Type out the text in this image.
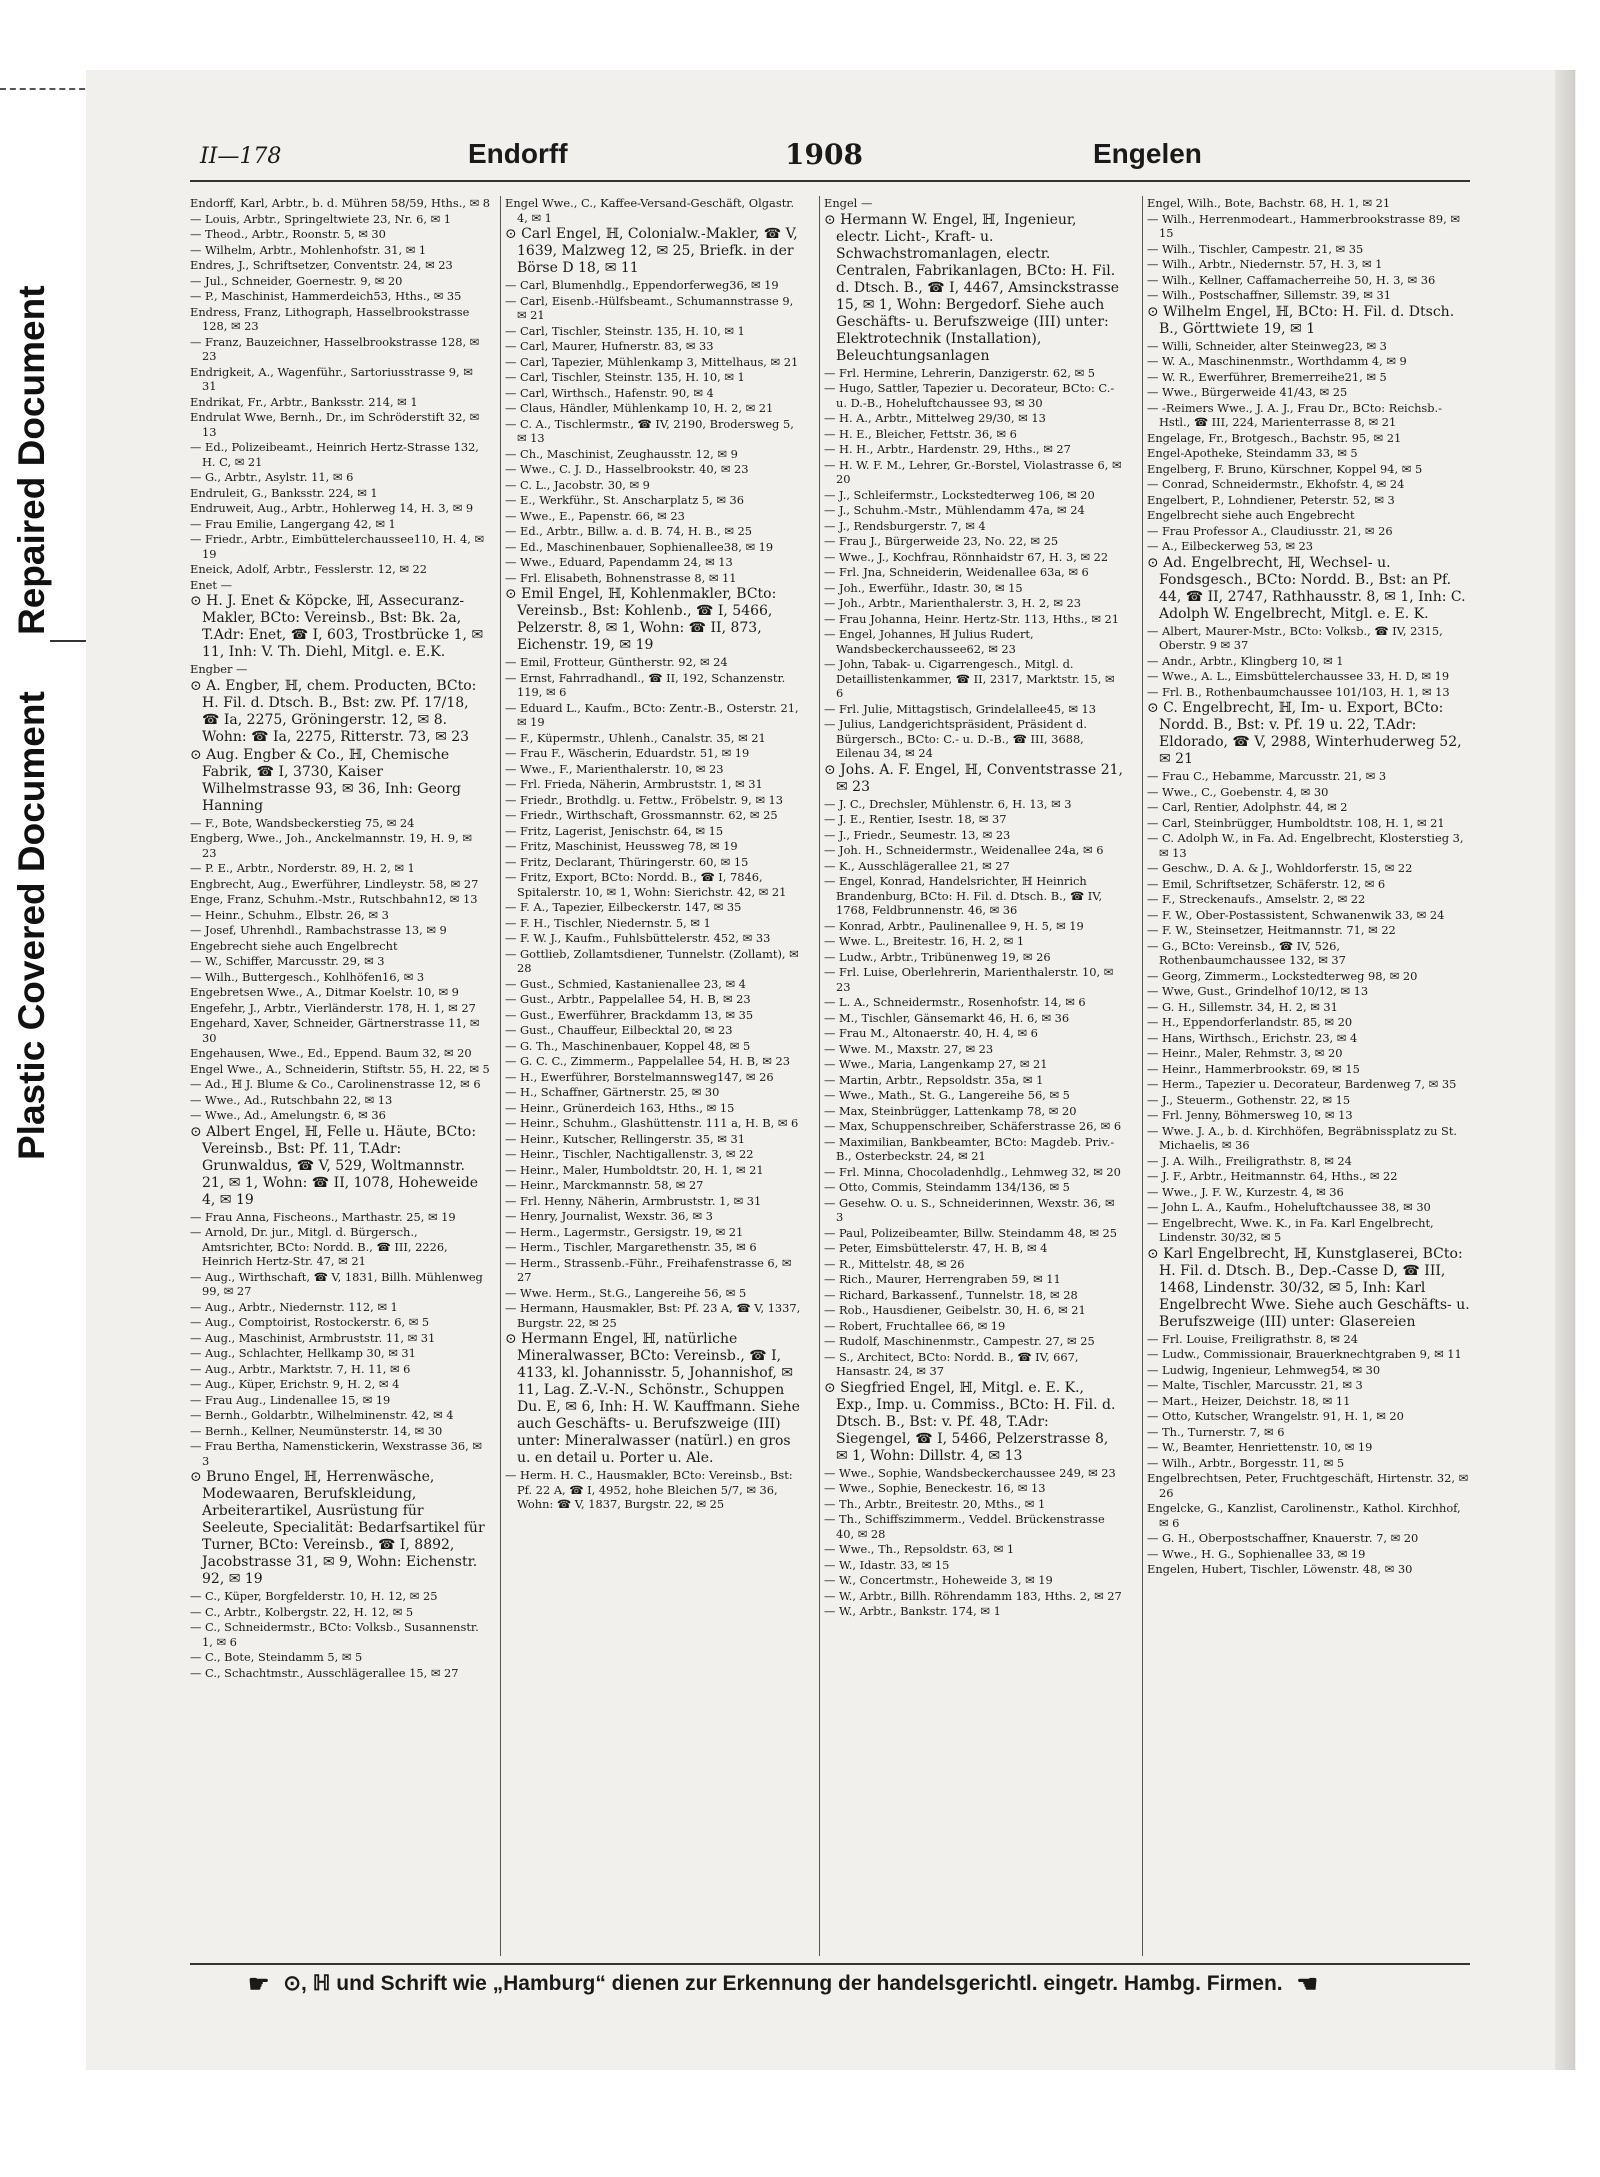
Repaired Document
Plastic Covered Document
II—178	Endorff	1908	Engelen
Endorff, Karl, Arbtr., b. d. Mühren 58/59, Hths., ✉ 8
— Louis, Arbtr., Springeltwiete 23, Nr. 6, ✉ 1
— Theod., Arbtr., Roonstr. 5, ✉ 30
— Wilhelm, Arbtr., Mohlenhofstr. 31, ✉ 1
Endres, J., Schriftsetzer, Conventstr. 24, ✉ 23
— Jul., Schneider, Goernestr. 9, ✉ 20
— P., Maschinist, Hammerdeich53, Hths., ✉ 35
Endress, Franz, Lithograph, Hasselbrookstrasse 128, ✉ 23
— Franz, Bauzeichner, Hasselbrookstrasse 128, ✉ 23
Endrigkeit, A., Wagenführ., Sartoriusstrasse 9, ✉ 31
Endrikat, Fr., Arbtr., Banksstr. 214, ✉ 1
Endrulat Wwe, Bernh., Dr., im Schröderstift 32, ✉ 13
— Ed., Polizeibeamt., Heinrich Hertz-Strasse 132, H. C, ✉ 21
— G., Arbtr., Asylstr. 11, ✉ 6
Endruleit, G., Banksstr. 224, ✉ 1
Endruweit, Aug., Arbtr., Hohlerweg 14, H. 3, ✉ 9
— Frau Emilie, Langergang 42, ✉ 1
— Friedr., Arbtr., Eimbüttelerchaussee110, H. 4, ✉ 19
Eneick, Adolf, Arbtr., Fesslerstr. 12, ✉ 22
Enet —
⊙ H. J. Enet & Köpcke, ℍ, Assecuranz-Makler, BCto: Vereinsb., Bst: Bk. 2a, T.Adr: Enet, ☎ I, 603, Trostbrücke 1, ✉ 11, Inh: V. Th. Diehl, Mitgl. e. E.K.
Engber —
⊙ A. Engber, ℍ, chem. Producten, BCto: H. Fil. d. Dtsch. B., Bst: zw. Pf. 17/18, ☎ Ia, 2275, Gröningerstr. 12, ✉ 8. Wohn: ☎ Ia, 2275, Ritterstr. 73, ✉ 23
⊙ Aug. Engber & Co., ℍ, Chemische Fabrik, ☎ I, 3730, Kaiser Wilhelmstrasse 93, ✉ 36, Inh: Georg Hanning
— F., Bote, Wandsbeckerstieg 75, ✉ 24
Engberg, Wwe., Joh., Anckelmannstr. 19, H. 9, ✉ 23
— P. E., Arbtr., Norderstr. 89, H. 2, ✉ 1
Engbrecht, Aug., Ewerführer, Lindleystr. 58, ✉ 27
Enge, Franz, Schuhm.-Mstr., Rutschbahn12, ✉ 13
— Heinr., Schuhm., Elbstr. 26, ✉ 3
— Josef, Uhrenhdl., Rambachstrasse 13, ✉ 9
Engebrecht siehe auch Engelbrecht
— W., Schiffer, Marcusstr. 29, ✉ 3
— Wilh., Buttergesch., Kohlhöfen16, ✉ 3
Engebretsen Wwe., A., Ditmar Koelstr. 10, ✉ 9
Engefehr, J., Arbtr., Vierländerstr. 178, H. 1, ✉ 27
Engehard, Xaver, Schneider, Gärtnerstrasse 11, ✉ 30
Engehausen, Wwe., Ed., Eppend. Baum 32, ✉ 20
Engel Wwe., A., Schneiderin, Stiftstr. 55, H. 22, ✉ 5
— Ad., ℍ J. Blume & Co., Carolinenstrasse 12, ✉ 6
— Wwe., Ad., Rutschbahn 22, ✉ 13
— Wwe., Ad., Amelungstr. 6, ✉ 36
⊙ Albert Engel, ℍ, Felle u. Häute, BCto: Vereinsb., Bst: Pf. 11, T.Adr: Grunwaldus, ☎ V, 529, Woltmannstr. 21, ✉ 1, Wohn: ☎ II, 1078, Hoheweide 4, ✉ 19
— Frau Anna, Fischeons., Marthastr. 25, ✉ 19
— Arnold, Dr. jur., Mitgl. d. Bürgersch., Amtsrichter, BCto: Nordd. B., ☎ III, 2226, Heinrich Hertz-Str. 47, ✉ 21
— Aug., Wirthschaft, ☎ V, 1831, Billh. Mühlenweg 99, ✉ 27
— Aug., Arbtr., Niedernstr. 112, ✉ 1
— Aug., Comptoirist, Rostockerstr. 6, ✉ 5
— Aug., Maschinist, Armbruststr. 11, ✉ 31
— Aug., Schlachter, Hellkamp 30, ✉ 31
— Aug., Arbtr., Marktstr. 7, H. 11, ✉ 6
— Aug., Küper, Erichstr. 9, H. 2, ✉ 4
— Frau Aug., Lindenallee 15, ✉ 19
— Bernh., Goldarbtr., Wilhelminenstr. 42, ✉ 4
— Bernh., Kellner, Neumünsterstr. 14, ✉ 30
— Frau Bertha, Namenstickerin, Wexstrasse 36, ✉ 3
⊙ Bruno Engel, ℍ, Herrenwäsche, Modewaaren, Berufskleidung, Arbeiterartikel, Ausrüstung für Seeleute, Specialität: Bedarfsartikel für Turner, BCto: Vereinsb., ☎ I, 8892, Jacobstrasse 31, ✉ 9, Wohn: Eichenstr. 92, ✉ 19
— C., Küper, Borgfelderstr. 10, H. 12, ✉ 25
— C., Arbtr., Kolbergstr. 22, H. 12, ✉ 5
— C., Schneidermstr., BCto: Volksb., Susannenstr. 1, ✉ 6
— C., Bote, Steindamm 5, ✉ 5
— C., Schachtmstr., Ausschlägerallee 15, ✉ 27
Engel Wwe., C., Kaffee-Versand-Geschäft, Olgastr. 4, ✉ 1
⊙ Carl Engel, ℍ, Colonialw.-Makler, ☎ V, 1639, Malzweg 12, ✉ 25, Briefk. in der Börse D 18, ✉ 11
— Carl, Blumenhdlg., Eppendorferweg36, ✉ 19
— Carl, Eisenb.-Hülfsbeamt., Schumannstrasse 9, ✉ 21
— Carl, Tischler, Steinstr. 135, H. 10, ✉ 1
— Carl, Maurer, Hufnerstr. 83, ✉ 33
— Carl, Tapezier, Mühlenkamp 3, Mittelhaus, ✉ 21
— Carl, Tischler, Steinstr. 135, H. 10, ✉ 1
— Carl, Wirthsch., Hafenstr. 90, ✉ 4
— Claus, Händler, Mühlenkamp 10, H. 2, ✉ 21
— C. A., Tischlermstr., ☎ IV, 2190, Brodersweg 5, ✉ 13
— Ch., Maschinist, Zeughausstr. 12, ✉ 9
— Wwe., C. J. D., Hasselbrookstr. 40, ✉ 23
— C. L., Jacobstr. 30, ✉ 9
— E., Werkführ., St. Anscharplatz 5, ✉ 36
— Wwe., E., Papenstr. 66, ✉ 23
— Ed., Arbtr., Billw. a. d. B. 74, H. B., ✉ 25
— Ed., Maschinenbauer, Sophienallee38, ✉ 19
— Wwe., Eduard, Papendamm 24, ✉ 13
— Frl. Elisabeth, Bohnenstrasse 8, ✉ 11
⊙ Emil Engel, ℍ, Kohlenmakler, BCto: Vereinsb., Bst: Kohlenb., ☎ I, 5466, Pelzerstr. 8, ✉ 1, Wohn: ☎ II, 873, Eichenstr. 19, ✉ 19
— Emil, Frotteur, Güntherstr. 92, ✉ 24
— Ernst, Fahrradhandl., ☎ II, 192, Schanzenstr. 119, ✉ 6
— Eduard L., Kaufm., BCto: Zentr.-B., Osterstr. 21, ✉ 19
— F., Küpermstr., Uhlenh., Canalstr. 35, ✉ 21
— Frau F., Wäscherin, Eduardstr. 51, ✉ 19
— Wwe., F., Marienthalerstr. 10, ✉ 23
— Frl. Frieda, Näherin, Armbruststr. 1, ✉ 31
— Friedr., Brothdlg. u. Fettw., Fröbelstr. 9, ✉ 13
— Friedr., Wirthschaft, Grossmannstr. 62, ✉ 25
— Fritz, Lagerist, Jenischstr. 64, ✉ 15
— Fritz, Maschinist, Heussweg 78, ✉ 19
— Fritz, Declarant, Thüringerstr. 60, ✉ 15
— Fritz, Export, BCto: Nordd. B., ☎ I, 7846, Spitalerstr. 10, ✉ 1, Wohn: Sierichstr. 42, ✉ 21
— F. A., Tapezier, Eilbeckerstr. 147, ✉ 35
— F. H., Tischler, Niedernstr. 5, ✉ 1
— F. W. J., Kaufm., Fuhlsbüttelerstr. 452, ✉ 33
— Gottlieb, Zollamtsdiener, Tunnelstr. (Zollamt), ✉ 28
— Gust., Schmied, Kastanienallee 23, ✉ 4
— Gust., Arbtr., Pappelallee 54, H. B, ✉ 23
— Gust., Ewerführer, Brackdamm 13, ✉ 35
— Gust., Chauffeur, Eilbecktal 20, ✉ 23
— G. Th., Maschinenbauer, Koppel 48, ✉ 5
— G. C. C., Zimmerm., Pappelallee 54, H. B, ✉ 23
— H., Ewerführer, Borstelmannsweg147, ✉ 26
— H., Schaffner, Gärtnerstr. 25, ✉ 30
— Heinr., Grünerdeich 163, Hths., ✉ 15
— Heinr., Schuhm., Glashüttenstr. 111 a, H. B, ✉ 6
— Heinr., Kutscher, Rellingerstr. 35, ✉ 31
— Heinr., Tischler, Nachtigallenstr. 3, ✉ 22
— Heinr., Maler, Humboldtstr. 20, H. 1, ✉ 21
— Heinr., Marckmannstr. 58, ✉ 27
— Frl. Henny, Näherin, Armbruststr. 1, ✉ 31
— Henry, Journalist, Wexstr. 36, ✉ 3
— Herm., Lagermstr., Gersigstr. 19, ✉ 21
— Herm., Tischler, Margarethenstr. 35, ✉ 6
— Herm., Strassenb.-Führ., Freihafenstrasse 6, ✉ 27
— Wwe. Herm., St.G., Langereihe 56, ✉ 5
— Hermann, Hausmakler, Bst: Pf. 23 A, ☎ V, 1337, Burgstr. 22, ✉ 25
⊙ Hermann Engel, ℍ, natürliche Mineralwasser, BCto: Vereinsb., ☎ I, 4133, kl. Johannisstr. 5, Johannishof, ✉ 11, Lag. Z.-V.-N., Schönstr., Schuppen Du. E, ✉ 6, Inh: H. W. Kauffmann. Siehe auch Geschäfts- u. Berufszweige (III) unter: Mineralwasser (natürl.) en gros u. en detail u. Porter u. Ale.
— Herm. H. C., Hausmakler, BCto: Vereinsb., Bst: Pf. 22 A, ☎ I, 4952, hohe Bleichen 5/7, ✉ 36, Wohn: ☎ V, 1837, Burgstr. 22, ✉ 25
Engel —
⊙ Hermann W. Engel, ℍ, Ingenieur, electr. Licht-, Kraft- u. Schwachstromanlagen, electr. Centralen, Fabrikanlagen, BCto: H. Fil. d. Dtsch. B., ☎ I, 4467, Amsinckstrasse 15, ✉ 1, Wohn: Bergedorf. Siehe auch Geschäfts- u. Berufszweige (III) unter: Elektrotechnik (Installation), Beleuchtungsanlagen
— Frl. Hermine, Lehrerin, Danzigerstr. 62, ✉ 5
— Hugo, Sattler, Tapezier u. Decorateur, BCto: C.- u. D.-B., Hoheluftchaussee 93, ✉ 30
— H. A., Arbtr., Mittelweg 29/30, ✉ 13
— H. E., Bleicher, Fettstr. 36, ✉ 6
— H. H., Arbtr., Hardenstr. 29, Hths., ✉ 27
— H. W. F. M., Lehrer, Gr.-Borstel, Violastrasse 6, ✉ 20
— J., Schleifermstr., Lockstedterweg 106, ✉ 20
— J., Schuhm.-Mstr., Mühlendamm 47a, ✉ 24
— J., Rendsburgerstr. 7, ✉ 4
— Frau J., Bürgerweide 23, No. 22, ✉ 25
— Wwe., J., Kochfrau, Rönnhaidstr 67, H. 3, ✉ 22
— Frl. Jna, Schneiderin, Weidenallee 63a, ✉ 6
— Joh., Ewerführ., Idastr. 30, ✉ 15
— Joh., Arbtr., Marienthalerstr. 3, H. 2, ✉ 23
— Frau Johanna, Heinr. Hertz-Str. 113, Hths., ✉ 21
— Engel, Johannes, ℍ Julius Rudert, Wandsbeckerchaussee62, ✉ 23
— John, Tabak- u. Cigarrengesch., Mitgl. d. Detaillistenkammer, ☎ II, 2317, Marktstr. 15, ✉ 6
— Frl. Julie, Mittagstisch, Grindelallee45, ✉ 13
— Julius, Landgerichtspräsident, Präsident d. Bürgersch., BCto: C.- u. D.-B., ☎ III, 3688, Eilenau 34, ✉ 24
⊙ Johs. A. F. Engel, ℍ, Conventstrasse 21, ✉ 23
— J. C., Drechsler, Mühlenstr. 6, H. 13, ✉ 3
— J. E., Rentier, Isestr. 18, ✉ 37
— J., Friedr., Seumestr. 13, ✉ 23
— Joh. H., Schneidermstr., Weidenallee 24a, ✉ 6
— K., Ausschlägerallee 21, ✉ 27
— Engel, Konrad, Handelsrichter, ℍ Heinrich Brandenburg, BCto: H. Fil. d. Dtsch. B., ☎ IV, 1768, Feldbrunnenstr. 46, ✉ 36
— Konrad, Arbtr., Paulinenallee 9, H. 5, ✉ 19
— Wwe. L., Breitestr. 16, H. 2, ✉ 1
— Ludw., Arbtr., Tribünenweg 19, ✉ 26
— Frl. Luise, Oberlehrerin, Marienthalerstr. 10, ✉ 23
— L. A., Schneidermstr., Rosenhofstr. 14, ✉ 6
— M., Tischler, Gänsemarkt 46, H. 6, ✉ 36
— Frau M., Altonaerstr. 40, H. 4, ✉ 6
— Wwe. M., Maxstr. 27, ✉ 23
— Wwe., Maria, Langenkamp 27, ✉ 21
— Martin, Arbtr., Repsoldstr. 35a, ✉ 1
— Wwe., Math., St. G., Langereihe 56, ✉ 5
— Max, Steinbrügger, Lattenkamp 78, ✉ 20
— Max, Schuppenschreiber, Schäferstrasse 26, ✉ 6
— Maximilian, Bankbeamter, BCto: Magdeb. Priv.-B., Osterbeckstr. 24, ✉ 21
— Frl. Minna, Chocoladenhdlg., Lehmweg 32, ✉ 20
— Otto, Commis, Steindamm 134/136, ✉ 5
— Gesehw. O. u. S., Schneiderinnen, Wexstr. 36, ✉ 3
— Paul, Polizeibeamter, Billw. Steindamm 48, ✉ 25
— Peter, Eimsbüttelerstr. 47, H. B, ✉ 4
— R., Mittelstr. 48, ✉ 26
— Rich., Maurer, Herrengraben 59, ✉ 11
— Richard, Barkassenf., Tunnelstr. 18, ✉ 28
— Rob., Hausdiener, Geibelstr. 30, H. 6, ✉ 21
— Robert, Fruchtallee 66, ✉ 19
— Rudolf, Maschinenmstr., Campestr. 27, ✉ 25
— S., Architect, BCto: Nordd. B., ☎ IV, 667, Hansastr. 24, ✉ 37
⊙ Siegfried Engel, ℍ, Mitgl. e. E. K., Exp., Imp. u. Commiss., BCto: H. Fil. d. Dtsch. B., Bst: v. Pf. 48, T.Adr: Siegengel, ☎ I, 5466, Pelzerstrasse 8, ✉ 1, Wohn: Dillstr. 4, ✉ 13
— Wwe., Sophie, Wandsbeckerchaussee 249, ✉ 23
— Wwe., Sophie, Beneckestr. 16, ✉ 13
— Th., Arbtr., Breitestr. 20, Mths., ✉ 1
— Th., Schiffszimmerm., Veddel. Brückenstrasse 40, ✉ 28
— Wwe., Th., Repsoldstr. 63, ✉ 1
— W., Idastr. 33, ✉ 15
— W., Concertmstr., Hoheweide 3, ✉ 19
— W., Arbtr., Billh. Röhrendamm 183, Hths. 2, ✉ 27
— W., Arbtr., Bankstr. 174, ✉ 1
Engel, Wilh., Bote, Bachstr. 68, H. 1, ✉ 21
— Wilh., Herrenmodeart., Hammerbrookstrasse 89, ✉ 15
— Wilh., Tischler, Campestr. 21, ✉ 35
— Wilh., Arbtr., Niedernstr. 57, H. 3, ✉ 1
— Wilh., Kellner, Caffamacherreihe 50, H. 3, ✉ 36
— Wilh., Postschaffner, Sillemstr. 39, ✉ 31
⊙ Wilhelm Engel, ℍ, BCto: H. Fil. d. Dtsch. B., Görttwiete 19, ✉ 1
— Willi, Schneider, alter Steinweg23, ✉ 3
— W. A., Maschinenmstr., Worthdamm 4, ✉ 9
— W. R., Ewerführer, Bremerreihe21, ✉ 5
— Wwe., Bürgerweide 41/43, ✉ 25
— -Reimers Wwe., J. A. J., Frau Dr., BCto: Reichsb.-Hstl., ☎ III, 224, Marienterrasse 8, ✉ 21
Engelage, Fr., Brotgesch., Bachstr. 95, ✉ 21
Engel-Apotheke, Steindamm 33, ✉ 5
Engelberg, F. Bruno, Kürschner, Koppel 94, ✉ 5
— Conrad, Schneidermstr., Ekhofstr. 4, ✉ 24
Engelbert, P., Lohndiener, Peterstr. 52, ✉ 3
Engelbrecht siehe auch Engebrecht
— Frau Professor A., Claudiusstr. 21, ✉ 26
— A., Eilbeckerweg 53, ✉ 23
⊙ Ad. Engelbrecht, ℍ, Wechsel- u. Fondsgesch., BCto: Nordd. B., Bst: an Pf. 44, ☎ II, 2747, Rathhausstr. 8, ✉ 1, Inh: C. Adolph W. Engelbrecht, Mitgl. e. E. K.
— Albert, Maurer-Mstr., BCto: Volksb., ☎ IV, 2315, Oberstr. 9 ✉ 37
— Andr., Arbtr., Klingberg 10, ✉ 1
— Wwe., A. L., Eimsbüttelerchaussee 33, H. D, ✉ 19
— Frl. B., Rothenbaumchaussee 101/103, H. 1, ✉ 13
⊙ C. Engelbrecht, ℍ, Im- u. Export, BCto: Nordd. B., Bst: v. Pf. 19 u. 22, T.Adr: Eldorado, ☎ V, 2988, Winterhuderweg 52, ✉ 21
— Frau C., Hebamme, Marcusstr. 21, ✉ 3
— Wwe., C., Goebenstr. 4, ✉ 30
— Carl, Rentier, Adolphstr. 44, ✉ 2
— Carl, Steinbrügger, Humboldtstr. 108, H. 1, ✉ 21
— C. Adolph W., in Fa. Ad. Engelbrecht, Klosterstieg 3, ✉ 13
— Geschw., D. A. & J., Wohldorferstr. 15, ✉ 22
— Emil, Schriftsetzer, Schäferstr. 12, ✉ 6
— F., Streckenaufs., Amselstr. 2, ✉ 22
— F. W., Ober-Postassistent, Schwanenwik 33, ✉ 24
— F. W., Steinsetzer, Heitmannstr. 71, ✉ 22
— G., BCto: Vereinsb., ☎ IV, 526, Rothenbaumchaussee 132, ✉ 37
— Georg, Zimmerm., Lockstedterweg 98, ✉ 20
— Wwe, Gust., Grindelhof 10/12, ✉ 13
— G. H., Sillemstr. 34, H. 2, ✉ 31
— H., Eppendorferlandstr. 85, ✉ 20
— Hans, Wirthsch., Erichstr. 23, ✉ 4
— Heinr., Maler, Rehmstr. 3, ✉ 20
— Heinr., Hammerbrookstr. 69, ✉ 15
— Herm., Tapezier u. Decorateur, Bardenweg 7, ✉ 35
— J., Steuerm., Gothenstr. 22, ✉ 15
— Frl. Jenny, Böhmersweg 10, ✉ 13
— Wwe. J. A., b. d. Kirchhöfen, Begräbnissplatz zu St. Michaelis, ✉ 36
— J. A. Wilh., Freiligrathstr. 8, ✉ 24
— J. F., Arbtr., Heitmannstr. 64, Hths., ✉ 22
— Wwe., J. F. W., Kurzestr. 4, ✉ 36
— John L. A., Kaufm., Hoheluftchaussee 38, ✉ 30
— Engelbrecht, Wwe. K., in Fa. Karl Engelbrecht, Lindenstr. 30/32, ✉ 5
⊙ Karl Engelbrecht, ℍ, Kunstglaserei, BCto: H. Fil. d. Dtsch. B., Dep.-Casse D, ☎ III, 1468, Lindenstr. 30/32, ✉ 5, Inh: Karl Engelbrecht Wwe. Siehe auch Geschäfts- u. Berufszweige (III) unter: Glasereien
— Frl. Louise, Freiligrathstr. 8, ✉ 24
— Ludw., Commissionair, Brauerknechtgraben 9, ✉ 11
— Ludwig, Ingenieur, Lehmweg54, ✉ 30
— Malte, Tischler, Marcusstr. 21, ✉ 3
— Mart., Heizer, Deichstr. 18, ✉ 11
— Otto, Kutscher, Wrangelstr. 91, H. 1, ✉ 20
— Th., Turnerstr. 7, ✉ 6
— W., Beamter, Henriettenstr. 10, ✉ 19
— Wilh., Arbtr., Borgesstr. 11, ✉ 5
Engelbrechtsen, Peter, Fruchtgeschäft, Hirtenstr. 32, ✉ 26
Engelcke, G., Kanzlist, Carolinenstr., Kathol. Kirchhof, ✉ 6
— G. H., Oberpostschaffner, Knauerstr. 7, ✉ 20
— Wwe., H. G., Sophienallee 33, ✉ 19
Engelen, Hubert, Tischler, Löwenstr. 48, ✉ 30
☛ ⊙, ℍ und Schrift wie „Hamburg“ dienen zur Erkennung der handelsgerichtl. eingetr. Hambg. Firmen. ☚
